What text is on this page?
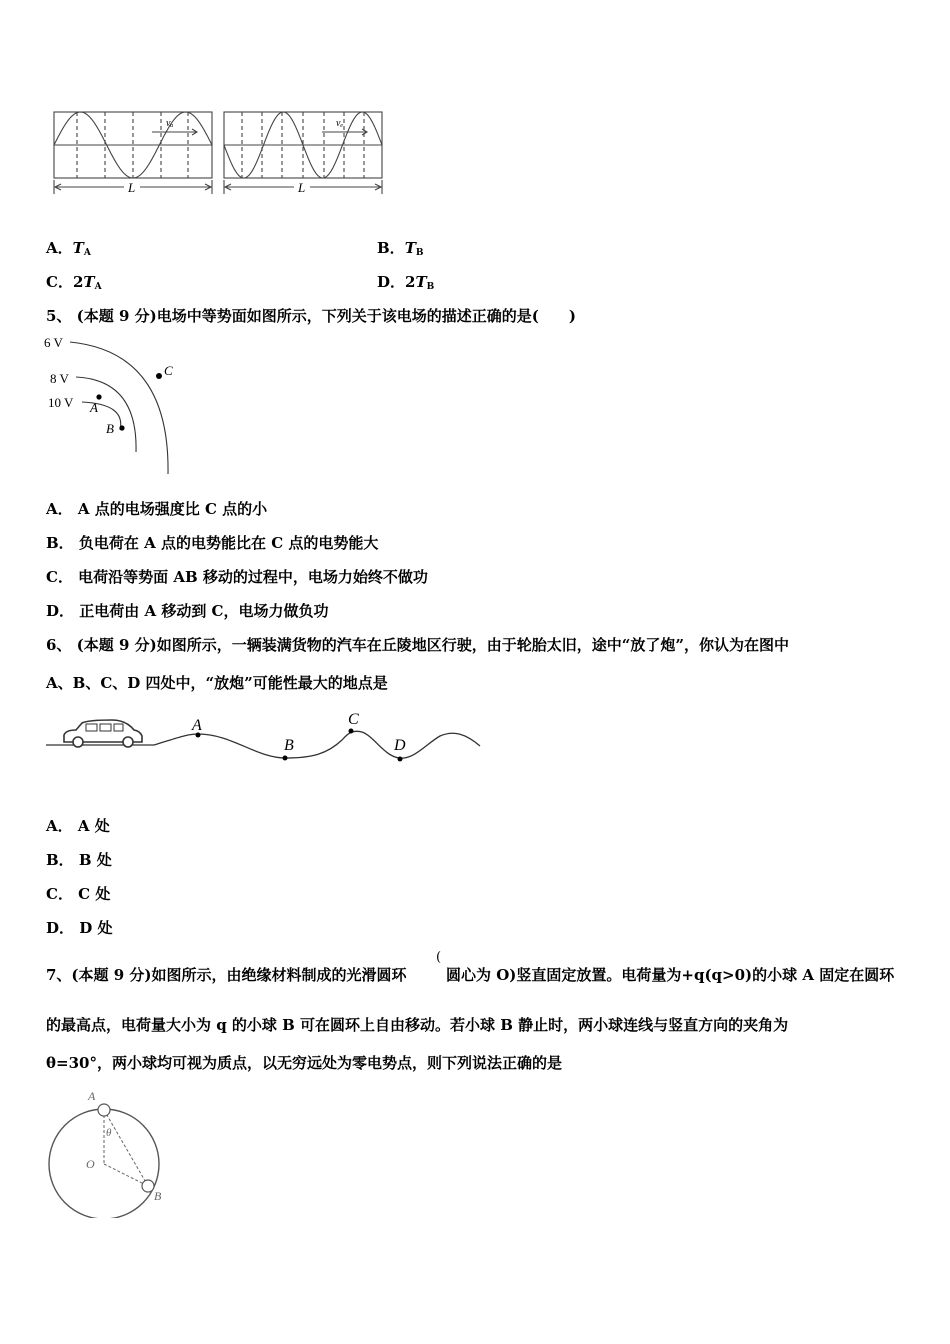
vₐ	vₑ
L	L
A．$T_A$	B．$T_B$
C．$2T_A$	D．$2T_B$
5、 (本题 9 分)电场中等势面如图所示，下列关于该电场的描述正确的是(　　)
6 V
8 V
10 V
C
A
B
A． A 点的电场强度比 C 点的小
B． 负电荷在 A 点的电势能比在 C 点的电势能大
C． 电荷沿等势面 AB 移动的过程中，电场力始终不做功
D． 正电荷由 A 移动到 C，电场力做负功
6、 (本题 9 分)如图所示，一辆装满货物的汽车在丘陵地区行驶，由于轮胎太旧，途中“放了炮”，你认为在图中
A、B、C、D 四处中，“放炮”可能性最大的地点是
A
B
C
D
A． A 处
B． B 处
C． C 处
D． D 处
7、(本题 9 分)如图所示，由绝缘材料制成的光滑圆环
(
圆心为 O)竖直固定放置。电荷量为+q(q>0)的小球 A 固定在圆环
的最高点，电荷量大小为 q 的小球 B 可在圆环上自由移动。若小球 B 静止时，两小球连线与竖直方向的夹角为
θ=30°，两小球均可视为质点，以无穷远处为零电势点，则下列说法正确的是
A
B
O
θ
